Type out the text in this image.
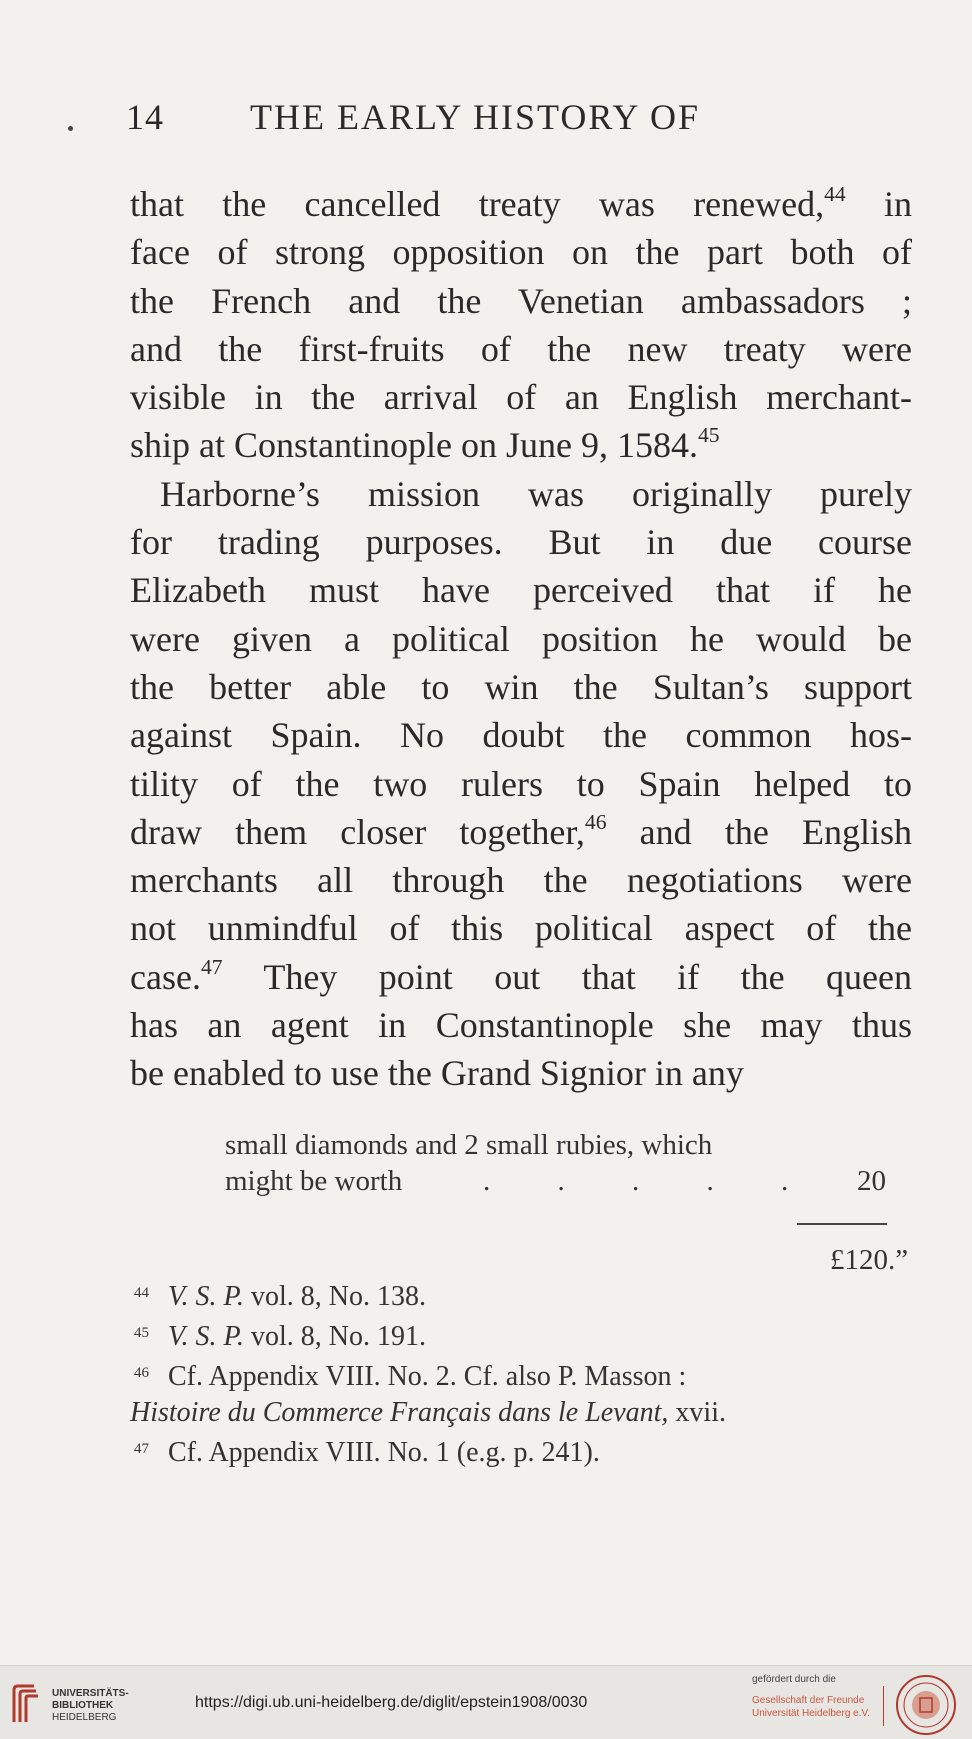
14 THE EARLY HISTORY OF
that the cancelled treaty was renewed,$^{44}$ in
face of strong opposition on the part both of
the French and the Venetian ambassadors ;
and the first-fruits of the new treaty were
visible in the arrival of an English merchant-
ship at Constantinople on June 9, 1584.45
Harborne’s mission was originally purely
for trading purposes. But in due course
Elizabeth must have perceived that if he
were given a political position he would be
the better able to win the Sultan’s support
against Spain. No doubt the common hos-
tility of the two rulers to Spain helped to
draw them closer together,$^{46}$ and the English
merchants all through the negotiations were
not unmindful of this political aspect of the
case.$^{47}$ They point out that if the queen
has an agent in Constantinople she may thus
be enabled to use the Grand Signior in any
small diamonds and 2 small rubies, which
might be worth	. . . . . 20
£120.”
44 V. S. P. vol. 8, No. 138.
45 V. S. P. vol. 8, No. 191.
46 Cf. Appendix VIII. No. 2. Cf. also P. Masson :
Histoire du Commerce Français dans le Levant, xvii.
47 Cf. Appendix VIII. No. 1 (e.g. p. 241).
UNIVERSITÄTS-
BIBLIOTHEK
HEIDELBERG
https://digi.ub.uni-heidelberg.de/diglit/epstein1908/0030
gefördert durch die
Gesellschaft der Freunde
Universität Heidelberg e.V.
